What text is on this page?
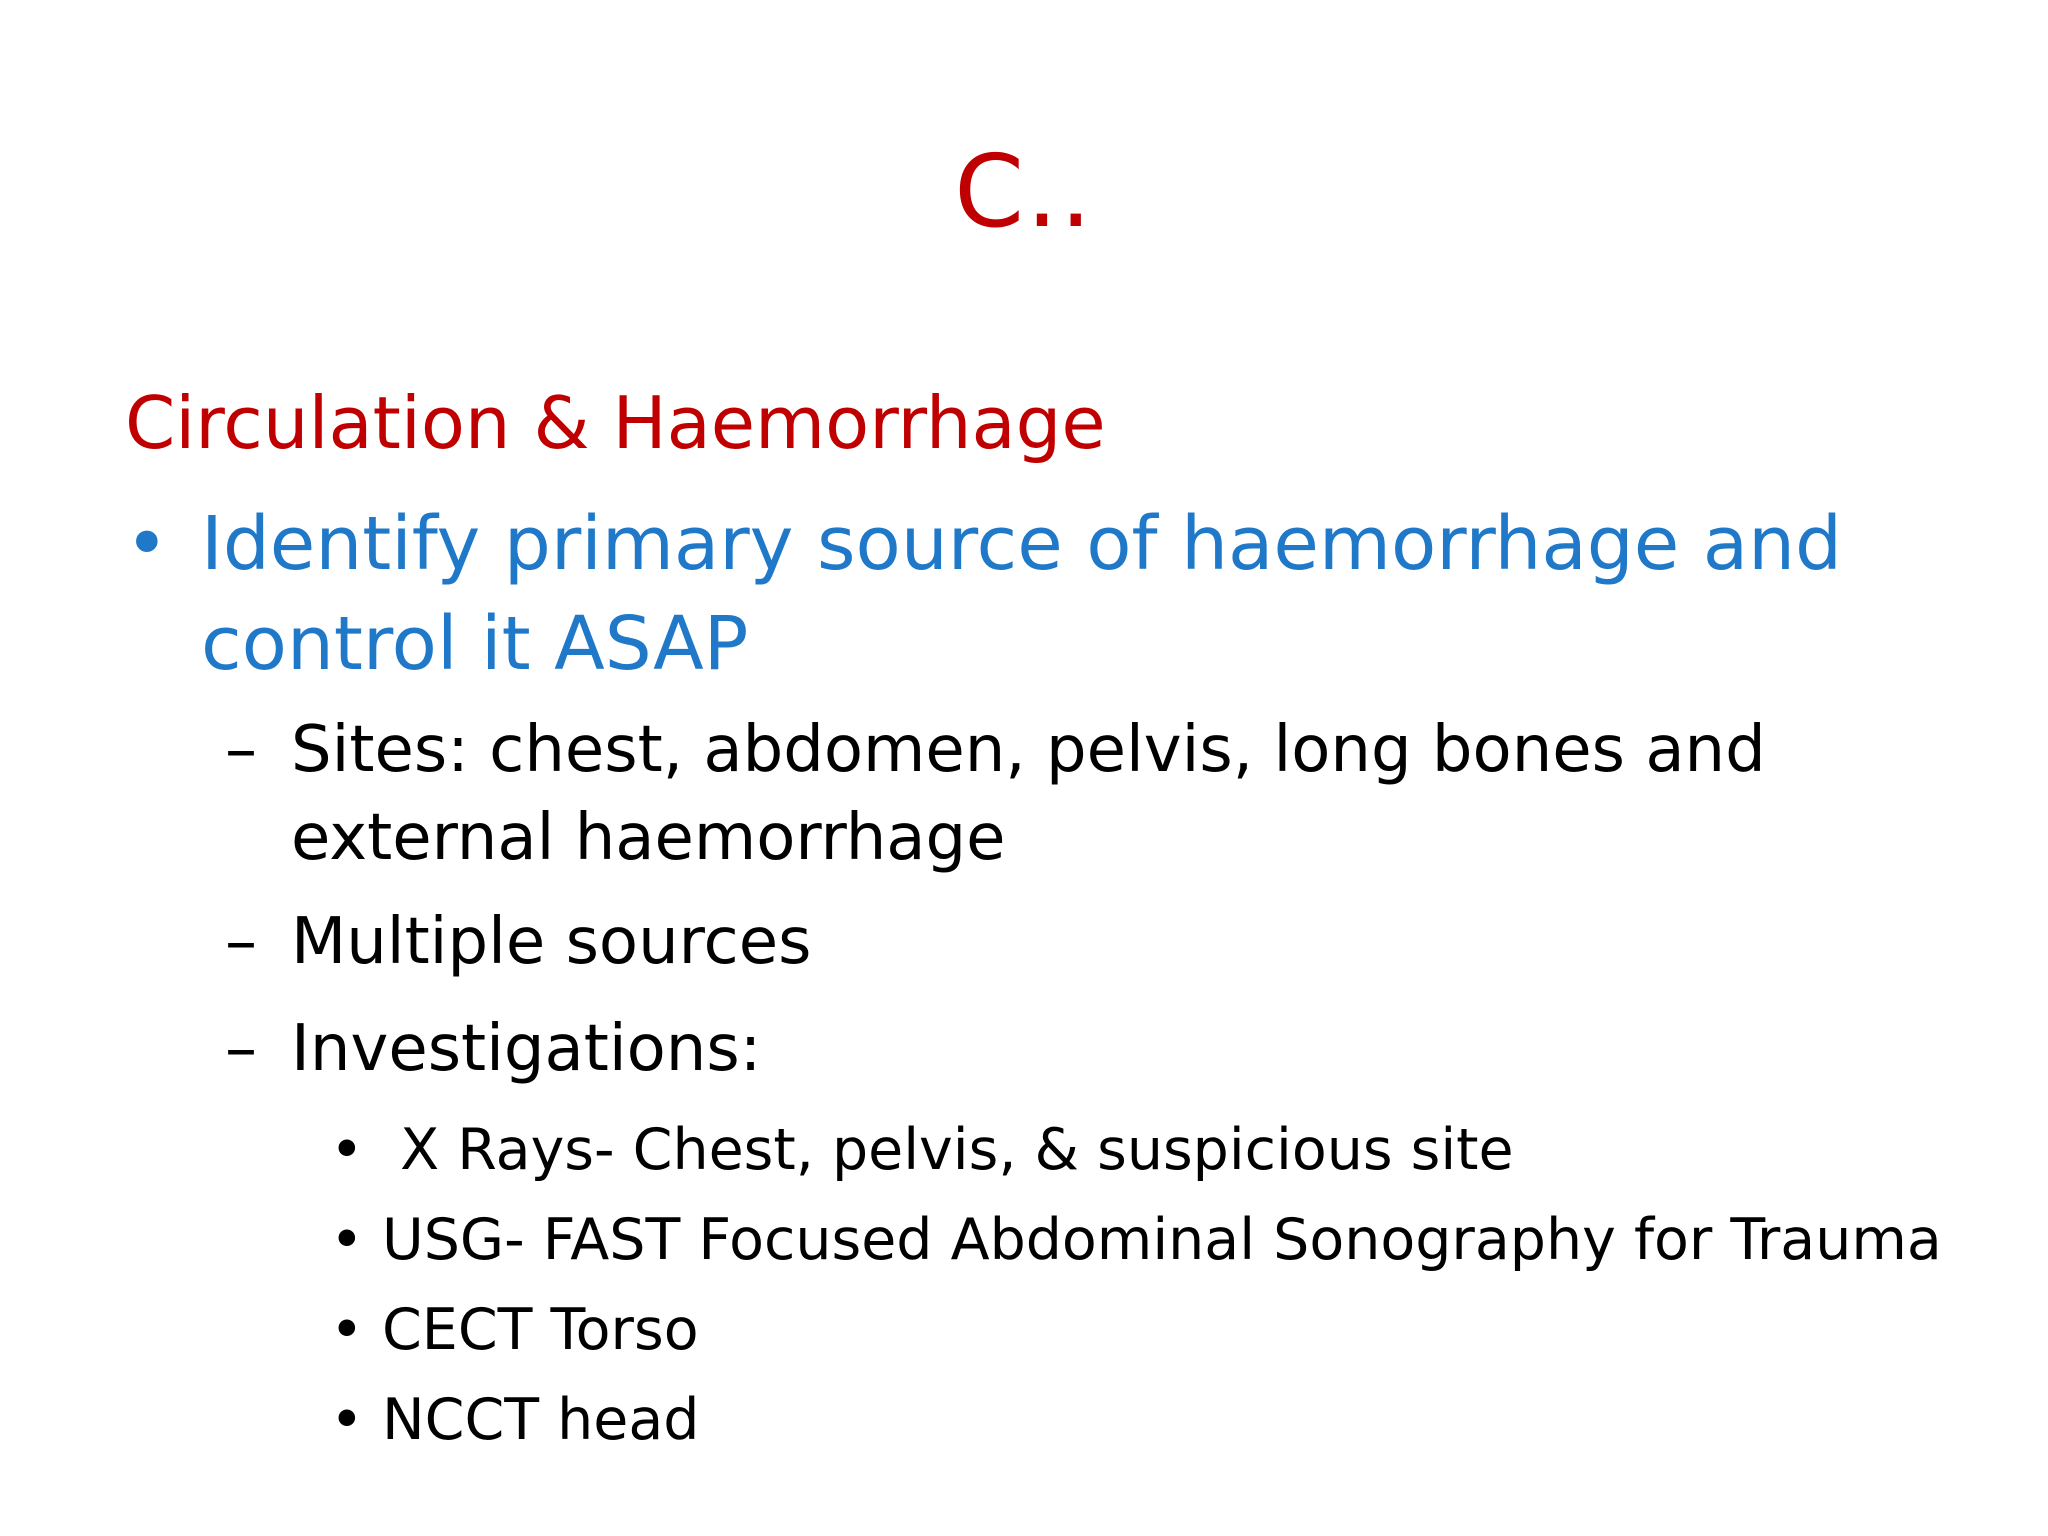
C..
Circulation & Haemorrhage
• Identify primary source of haemorrhage and control it ASAP
– Sites: chest, abdomen, pelvis, long bones and external haemorrhage
– Multiple sources
– Investigations:
• X Rays- Chest, pelvis, & suspicious site
• USG- FAST Focused Abdominal Sonography for Trauma
• CECT Torso
• NCCT head
